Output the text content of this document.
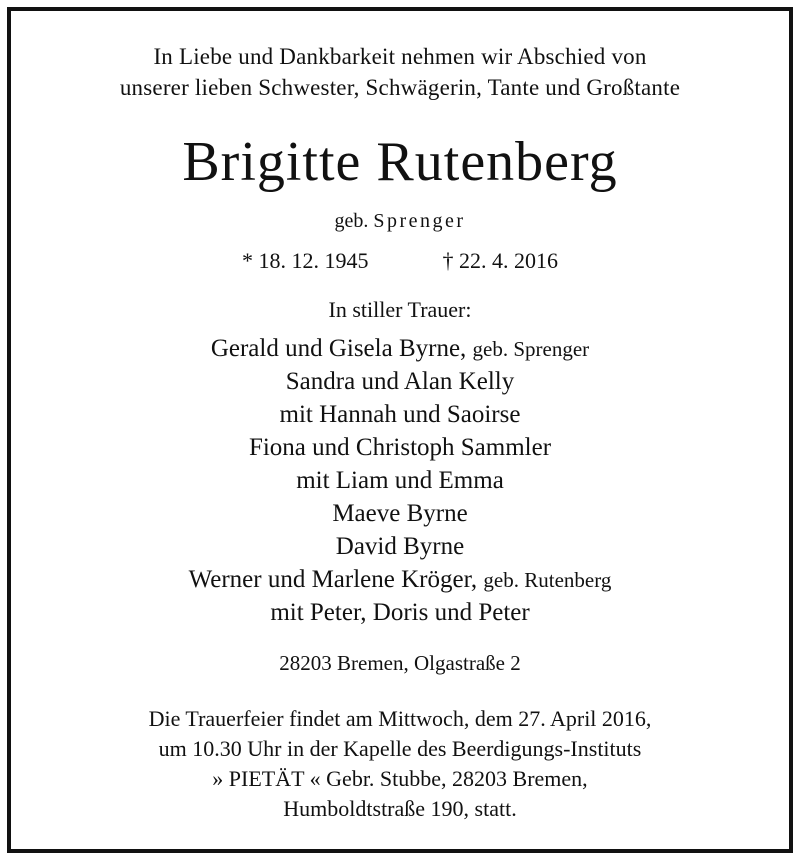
In Liebe und Dankbarkeit nehmen wir Abschied von
unserer lieben Schwester, Schwägerin, Tante und Großtante
Brigitte Rutenberg
geb. Sprenger
* 18. 12. 1945	† 22. 4. 2016
In stiller Trauer:
Gerald und Gisela Byrne, geb. Sprenger
Sandra und Alan Kelly
mit Hannah und Saoirse
Fiona und Christoph Sammler
mit Liam und Emma
Maeve Byrne
David Byrne
Werner und Marlene Kröger, geb. Rutenberg
mit Peter, Doris und Peter
28203 Bremen, Olgastraße 2
Die Trauerfeier findet am Mittwoch, dem 27. April 2016,
um 10.30 Uhr in der Kapelle des Beerdigungs-Instituts
» PIETÄT « Gebr. Stubbe, 28203 Bremen,
Humboldtstraße 190, statt.
